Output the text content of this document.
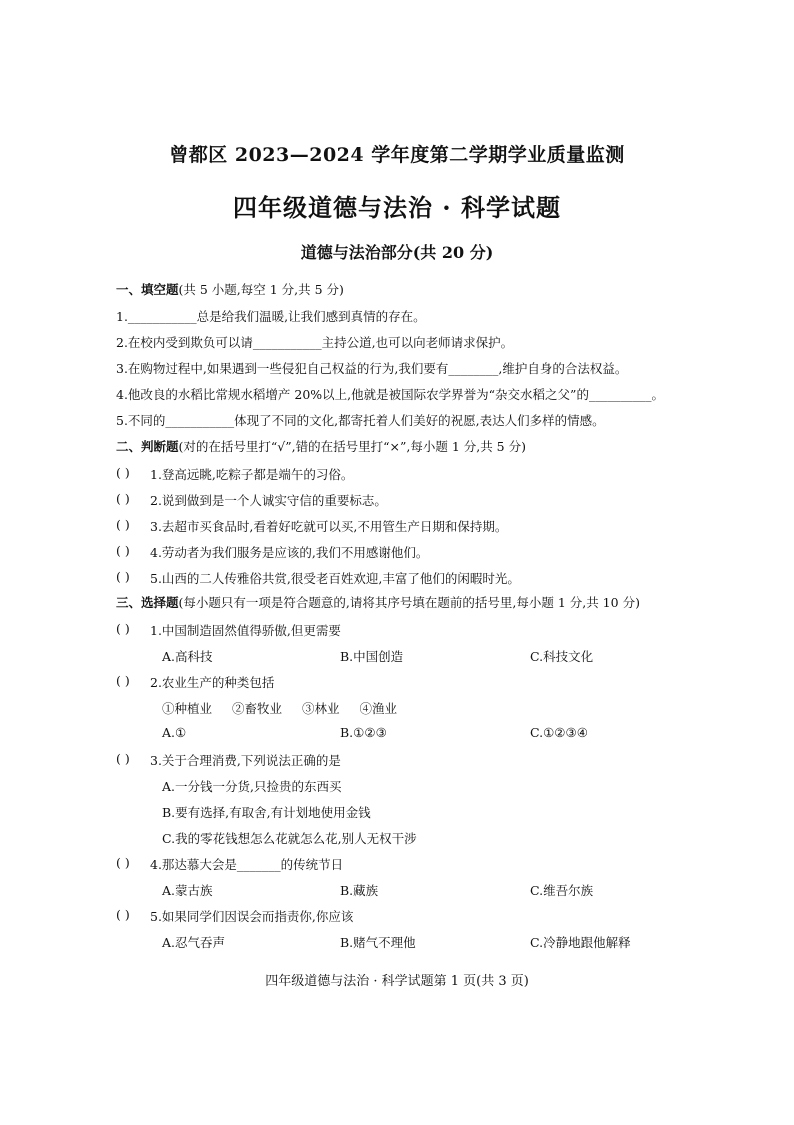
曾都区 2023—2024 学年度第二学期学业质量监测
四年级道德与法治 · 科学试题
道德与法治部分(共 20 分)
一、填空题(共 5 小题,每空 1 分,共 5 分)
1.___________总是给我们温暖,让我们感到真情的存在。
2.在校内受到欺负可以请___________主持公道,也可以向老师请求保护。
3.在购物过程中,如果遇到一些侵犯自己权益的行为,我们要有________,维护自身的合法权益。
4.他改良的水稻比常规水稻增产 20%以上,他就是被国际农学界誉为“杂交水稻之父”的__________。
5.不同的___________体现了不同的文化,都寄托着人们美好的祝愿,表达人们多样的情感。
二、判断题(对的在括号里打“√”,错的在括号里打“×”,每小题 1 分,共 5 分)
( ) 1.登高远眺,吃粽子都是端午的习俗。
( ) 2.说到做到是一个人诚实守信的重要标志。
( ) 3.去超市买食品时,看着好吃就可以买,不用管生产日期和保持期。
( ) 4.劳动者为我们服务是应该的,我们不用感谢他们。
( ) 5.山西的二人传雅俗共赏,很受老百姓欢迎,丰富了他们的闲暇时光。
三、选择题(每小题只有一项是符合题意的,请将其序号填在题前的括号里,每小题 1 分,共 10 分)
( ) 1.中国制造固然值得骄傲,但更需要
A.高科技	B.中国创造	C.科技文化
( ) 2.农业生产的种类包括
①种植业 ②畜牧业 ③林业 ④渔业
A.①	B.①②③	C.①②③④
( ) 3.关于合理消费,下列说法正确的是
A.一分钱一分货,只捡贵的东西买
B.要有选择,有取舍,有计划地使用金钱
C.我的零花钱想怎么花就怎么花,别人无权干涉
( ) 4.那达慕大会是_______的传统节日
A.蒙古族	B.藏族	C.维吾尔族
( ) 5.如果同学们因误会而指责你,你应该
A.忍气吞声	B.赌气不理他	C.冷静地跟他解释
四年级道德与法治 · 科学试题第 1 页(共 3 页)
